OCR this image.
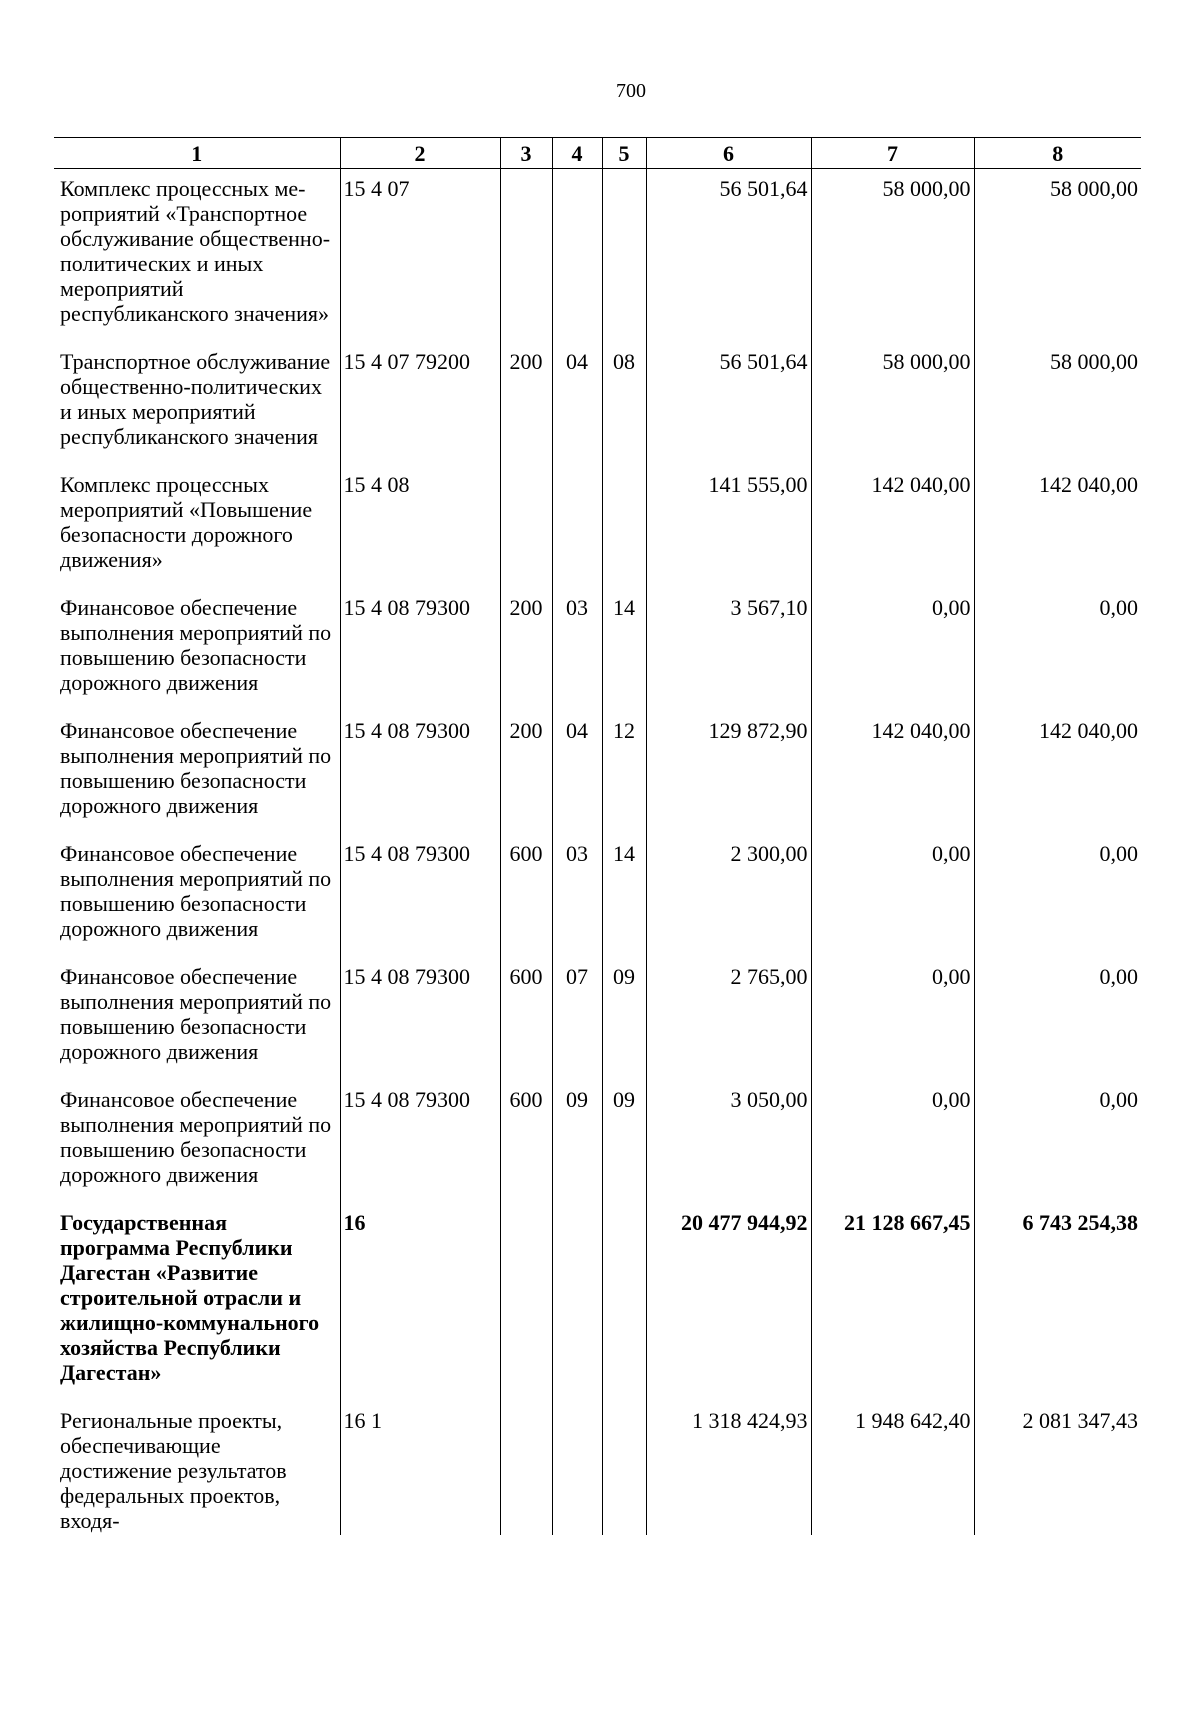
700
1	2	3	4	5	6	7	8
Комплекс процессных ме-роприятий «Транспортное обслуживание общественно-политических и иных мероприятий республиканского значения»	15 4 07				56 501,64	58 000,00	58 000,00
Транспортное обслуживание общественно-политических и иных мероприятий республиканского значения	15 4 07 79200	200	04	08	56 501,64	58 000,00	58 000,00
Комплекс процессных мероприятий «Повышение безопасности дорожного движения»	15 4 08				141 555,00	142 040,00	142 040,00
Финансовое обеспечение выполнения мероприятий по повышению безопасности дорожного движения	15 4 08 79300	200	03	14	3 567,10	0,00	0,00
Финансовое обеспечение выполнения мероприятий по повышению безопасности дорожного движения	15 4 08 79300	200	04	12	129 872,90	142 040,00	142 040,00
Финансовое обеспечение выполнения мероприятий по повышению безопасности дорожного движения	15 4 08 79300	600	03	14	2 300,00	0,00	0,00
Финансовое обеспечение выполнения мероприятий по повышению безопасности дорожного движения	15 4 08 79300	600	07	09	2 765,00	0,00	0,00
Финансовое обеспечение выполнения мероприятий по повышению безопасности дорожного движения	15 4 08 79300	600	09	09	3 050,00	0,00	0,00
Государственная программа Республики Дагестан «Развитие строительной отрасли и жилищно-коммунального хозяйства Республики Дагестан»	16				20 477 944,92	21 128 667,45	6 743 254,38
Региональные проекты, обеспечивающие достижение результатов федеральных проектов, входя-	16 1				1 318 424,93	1 948 642,40	2 081 347,43
